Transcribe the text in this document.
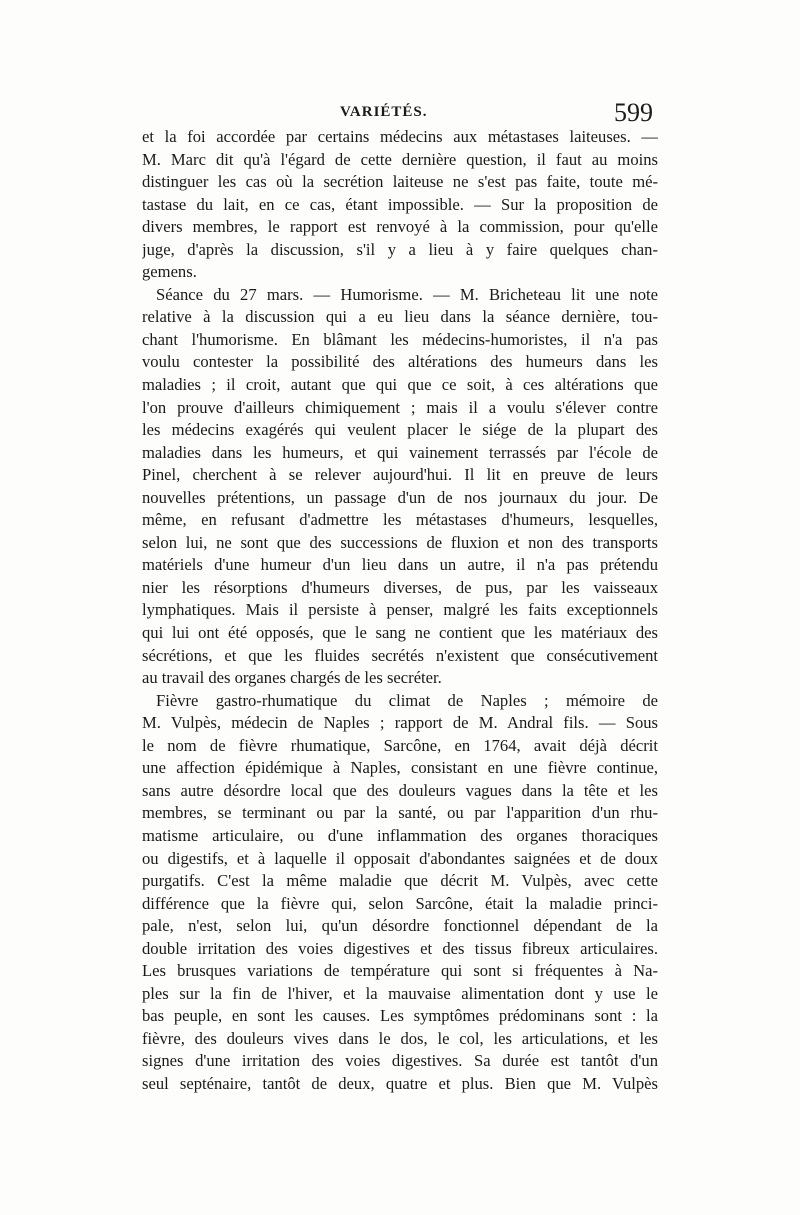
VARIÉTÉS.	599
et la foi accordée par certains médecins aux métastases laiteuses. —
M. Marc dit qu'à l'égard de cette dernière question, il faut au moins
distinguer les cas où la secrétion laiteuse ne s'est pas faite, toute mé-
tastase du lait, en ce cas, étant impossible. — Sur la proposition de
divers membres, le rapport est renvoyé à la commission, pour qu'elle
juge, d'après la discussion, s'il y a lieu à y faire quelques chan-
gemens.
Séance du 27 mars. — Humorisme. — M. Bricheteau lit une note
relative à la discussion qui a eu lieu dans la séance dernière, tou-
chant l'humorisme. En blâmant les médecins-humoristes, il n'a pas
voulu contester la possibilité des altérations des humeurs dans les
maladies ; il croit, autant que qui que ce soit, à ces altérations que
l'on prouve d'ailleurs chimiquement ; mais il a voulu s'élever contre
les médecins exagérés qui veulent placer le siége de la plupart des
maladies dans les humeurs, et qui vainement terrassés par l'école de
Pinel, cherchent à se relever aujourd'hui. Il lit en preuve de leurs
nouvelles prétentions, un passage d'un de nos journaux du jour. De
même, en refusant d'admettre les métastases d'humeurs, lesquelles,
selon lui, ne sont que des successions de fluxion et non des transports
matériels d'une humeur d'un lieu dans un autre, il n'a pas prétendu
nier les résorptions d'humeurs diverses, de pus, par les vaisseaux
lymphatiques. Mais il persiste à penser, malgré les faits exceptionnels
qui lui ont été opposés, que le sang ne contient que les matériaux des
sécrétions, et que les fluides secrétés n'existent que consécutivement
au travail des organes chargés de les secréter.
Fièvre gastro-rhumatique du climat de Naples ; mémoire de
M. Vulpès, médecin de Naples ; rapport de M. Andral fils. — Sous
le nom de fièvre rhumatique, Sarcône, en 1764, avait déjà décrit
une affection épidémique à Naples, consistant en une fièvre continue,
sans autre désordre local que des douleurs vagues dans la tête et les
membres, se terminant ou par la santé, ou par l'apparition d'un rhu-
matisme articulaire, ou d'une inflammation des organes thoraciques
ou digestifs, et à laquelle il opposait d'abondantes saignées et de doux
purgatifs. C'est la même maladie que décrit M. Vulpès, avec cette
différence que la fièvre qui, selon Sarcône, était la maladie princi-
pale, n'est, selon lui, qu'un désordre fonctionnel dépendant de la
double irritation des voies digestives et des tissus fibreux articulaires.
Les brusques variations de température qui sont si fréquentes à Na-
ples sur la fin de l'hiver, et la mauvaise alimentation dont y use le
bas peuple, en sont les causes. Les symptômes prédominans sont : la
fièvre, des douleurs vives dans le dos, le col, les articulations, et les
signes d'une irritation des voies digestives. Sa durée est tantôt d'un
seul septénaire, tantôt de deux, quatre et plus. Bien que M. Vulpès
